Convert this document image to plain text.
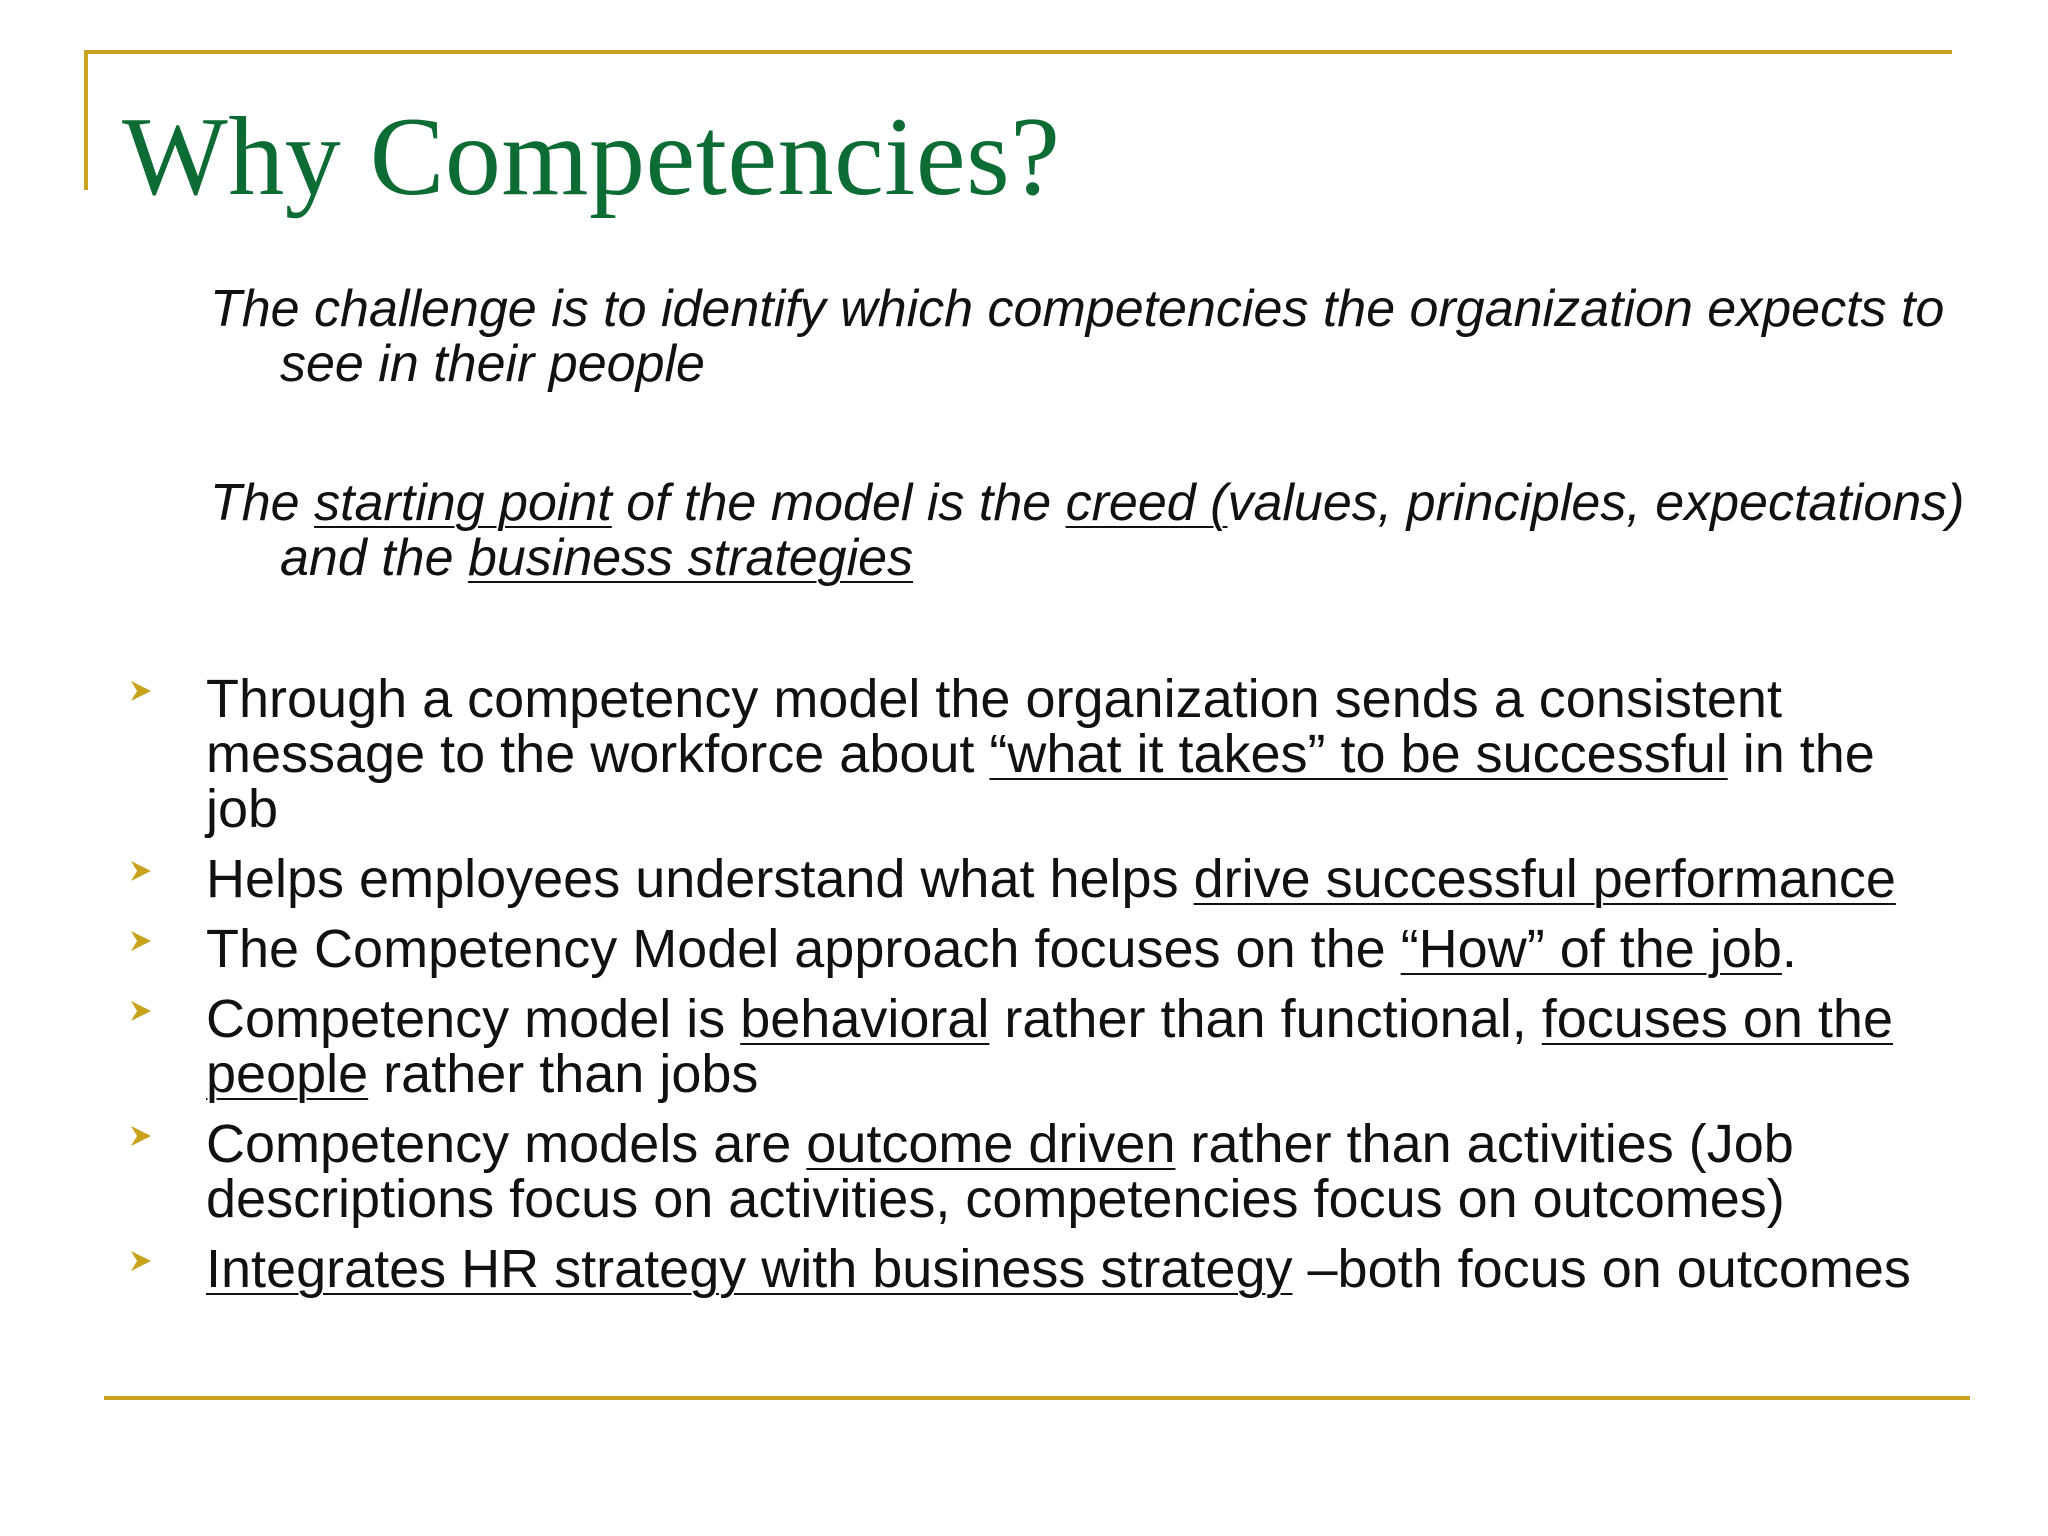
Why Competencies?

The challenge is to identify which competencies the organization expects to see in their people

The starting point of the model is the creed (values, principles, expectations) and the business strategies

Through a competency model the organization sends a consistent message to the workforce about “what it takes” to be successful in the job
Helps employees understand what helps drive successful performance
The Competency Model approach focuses on the “How” of the job.
Competency model is behavioral rather than functional, focuses on the people rather than jobs
Competency models are outcome driven rather than activities (Job descriptions focus on activities, competencies focus on outcomes)
Integrates HR strategy with business strategy –both focus on outcomes
